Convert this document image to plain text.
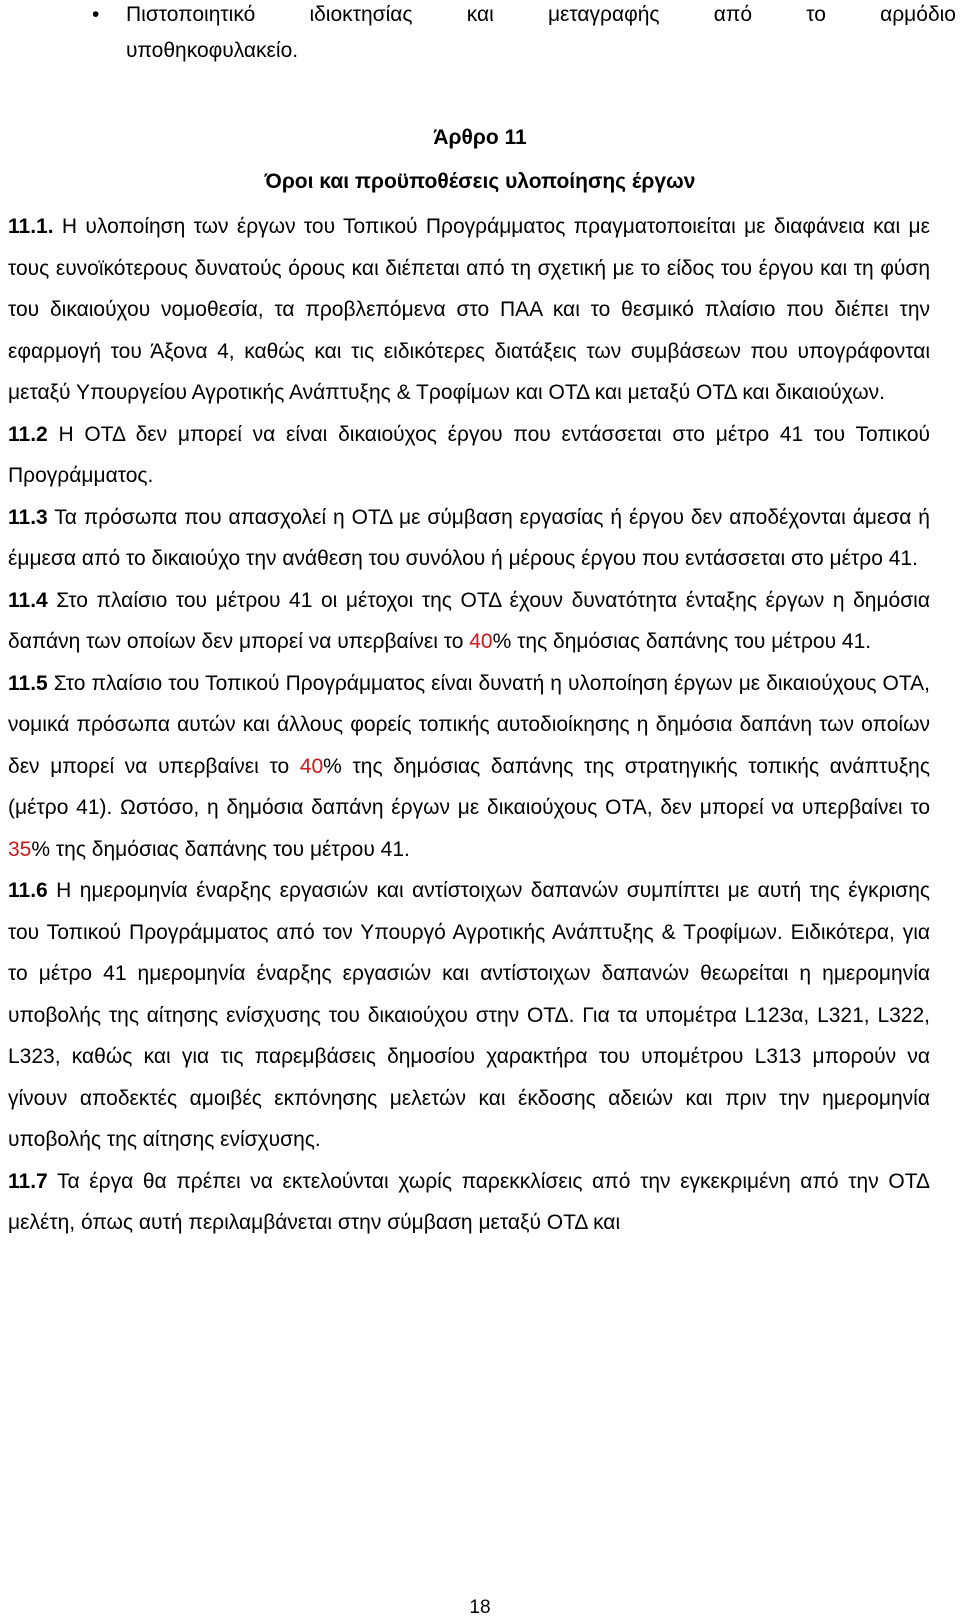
• Πιστοποιητικό ιδιοκτησίας και μεταγραφής από το αρμόδιο
υποθηκοφυλακείο.
Άρθρο 11
Όροι και προϋποθέσεις υλοποίησης έργων

11.1. Η υλοποίηση των έργων του Τοπικού Προγράμματος πραγματοποιείται με διαφάνεια και με τους ευνοϊκότερους δυνατούς όρους και διέπεται από τη σχετική με το είδος του έργου και τη φύση του δικαιούχου νομοθεσία, τα προβλεπόμενα στο ΠΑΑ και το θεσμικό πλαίσιο που διέπει την εφαρμογή του Άξονα 4, καθώς και τις ειδικότερες διατάξεις των συμβάσεων που υπογράφονται μεταξύ Υπουργείου Αγροτικής Ανάπτυξης & Τροφίμων και ΟΤΔ και μεταξύ ΟΤΔ και δικαιούχων.

11.2 Η ΟΤΔ δεν μπορεί να είναι δικαιούχος έργου που εντάσσεται στο μέτρο 41 του Τοπικού Προγράμματος.

11.3 Τα πρόσωπα που απασχολεί η ΟΤΔ με σύμβαση εργασίας ή έργου δεν αποδέχονται άμεσα ή έμμεσα από το δικαιούχο την ανάθεση του συνόλου ή μέρους έργου που εντάσσεται στο μέτρο 41.

11.4 Στο πλαίσιο του μέτρου 41 οι μέτοχοι της ΟΤΔ έχουν δυνατότητα ένταξης έργων η δημόσια δαπάνη των οποίων δεν μπορεί να υπερβαίνει το 40% της δημόσιας δαπάνης του μέτρου 41.

11.5 Στο πλαίσιο του Τοπικού Προγράμματος είναι δυνατή η υλοποίηση έργων με δικαιούχους ΟΤΑ, νομικά πρόσωπα αυτών και άλλους φορείς τοπικής αυτοδιοίκησης η δημόσια δαπάνη των οποίων δεν μπορεί να υπερβαίνει το 40% της δημόσιας δαπάνης της στρατηγικής τοπικής ανάπτυξης (μέτρο 41). Ωστόσο, η δημόσια δαπάνη έργων με δικαιούχους ΟΤΑ, δεν μπορεί να υπερβαίνει το 35% της δημόσιας δαπάνης του μέτρου 41.

11.6 Η ημερομηνία έναρξης εργασιών και αντίστοιχων δαπανών συμπίπτει με αυτή της έγκρισης του Τοπικού Προγράμματος από τον Υπουργό Αγροτικής Ανάπτυξης & Τροφίμων. Ειδικότερα, για το μέτρο 41 ημερομηνία έναρξης εργασιών και αντίστοιχων δαπανών θεωρείται η ημερομηνία υποβολής της αίτησης ενίσχυσης του δικαιούχου στην ΟΤΔ. Για τα υπομέτρα L123α, L321, L322, L323, καθώς και για τις παρεμβάσεις δημοσίου χαρακτήρα του υπομέτρου L313 μπορούν να γίνουν αποδεκτές αμοιβές εκπόνησης μελετών και έκδοσης αδειών και πριν την ημερομηνία υποβολής της αίτησης ενίσχυσης.

11.7 Τα έργα θα πρέπει να εκτελούνται χωρίς παρεκκλίσεις από την εγκεκριμένη από την ΟΤΔ μελέτη, όπως αυτή περιλαμβάνεται στην σύμβαση μεταξύ ΟΤΔ και

18
